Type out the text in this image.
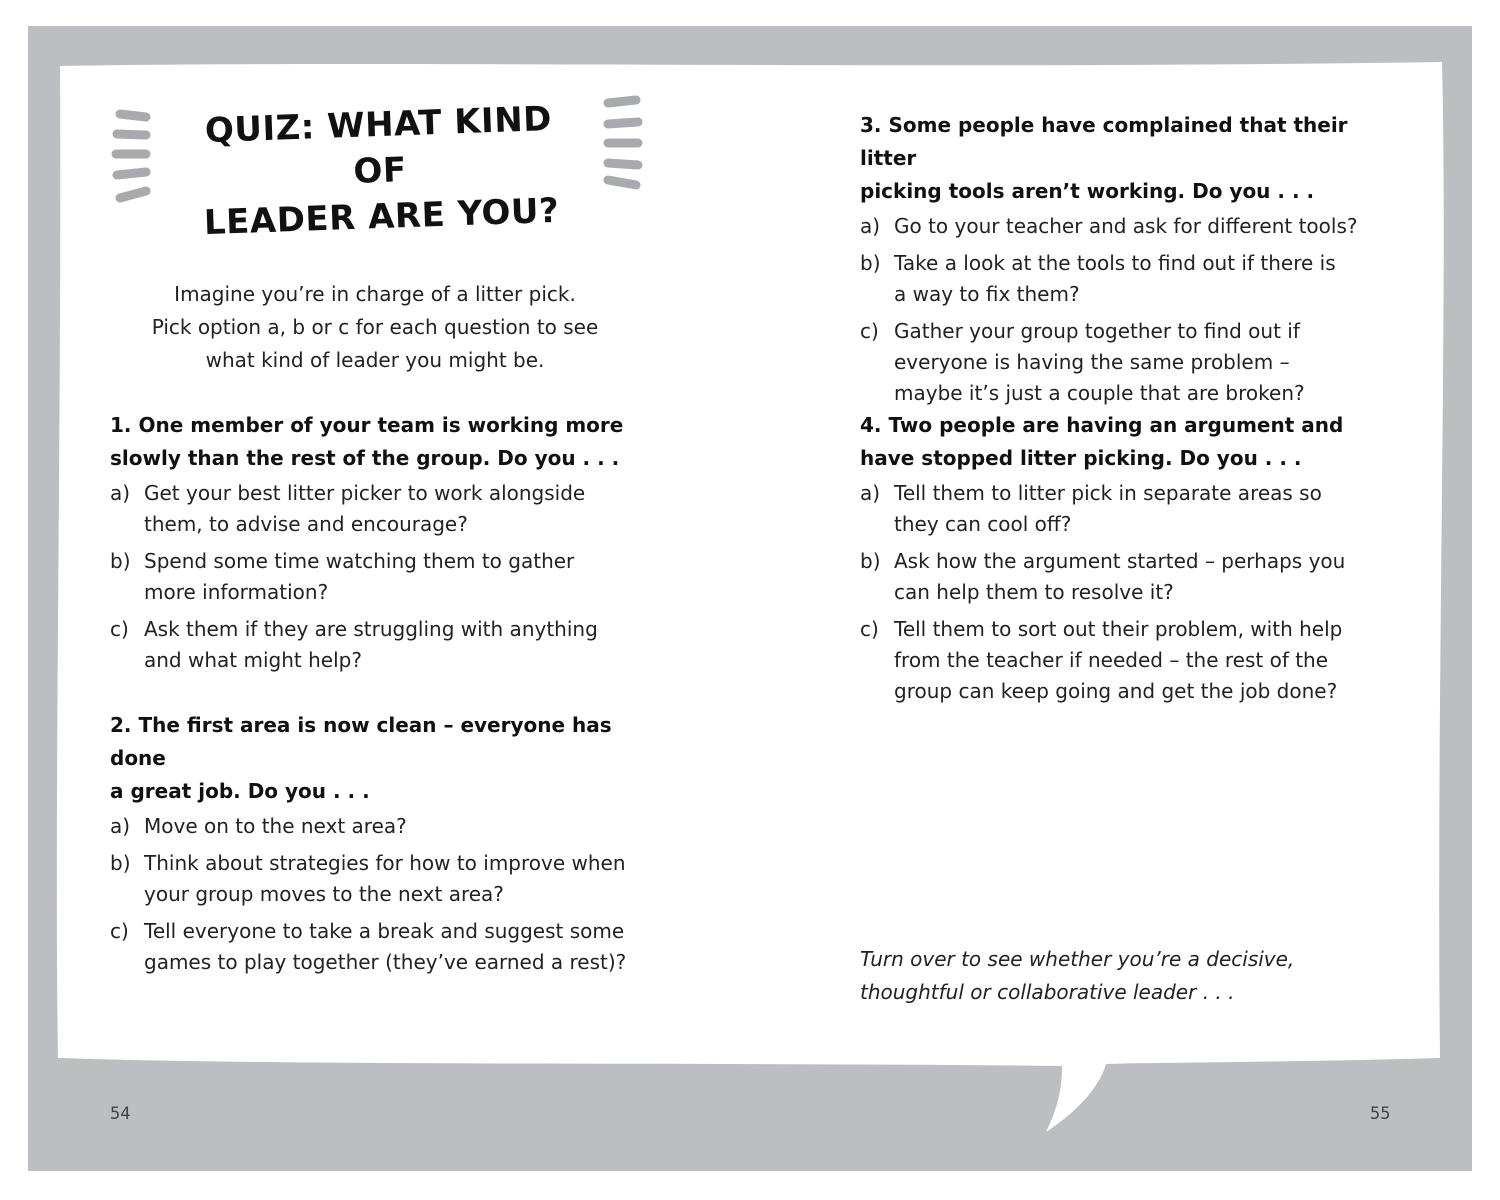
QUIZ: WHAT KIND OF
LEADER ARE YOU?
Imagine you’re in charge of a litter pick.
Pick option a, b or c for each question to see
what kind of leader you might be.
1. One member of your team is working more
slowly than the rest of the group. Do you . . .
a) Get your best litter picker to work alongside
them, to advise and encourage?
b) Spend some time watching them to gather
more information?
c) Ask them if they are struggling with anything
and what might help?
2. The first area is now clean – everyone has done
a great job. Do you . . .
a) Move on to the next area?
b) Think about strategies for how to improve when
your group moves to the next area?
c) Tell everyone to take a break and suggest some
games to play together (they’ve earned a rest)?
3. Some people have complained that their litter
picking tools aren’t working. Do you . . .
a) Go to your teacher and ask for different tools?
b) Take a look at the tools to find out if there is
a way to fix them?
c) Gather your group together to find out if
everyone is having the same problem –
maybe it’s just a couple that are broken?
4. Two people are having an argument and
have stopped litter picking. Do you . . .
a) Tell them to litter pick in separate areas so
they can cool off?
b) Ask how the argument started – perhaps you
can help them to resolve it?
c) Tell them to sort out their problem, with help
from the teacher if needed – the rest of the
group can keep going and get the job done?
Turn over to see whether you’re a decisive,
thoughtful or collaborative leader . . .
54	55
